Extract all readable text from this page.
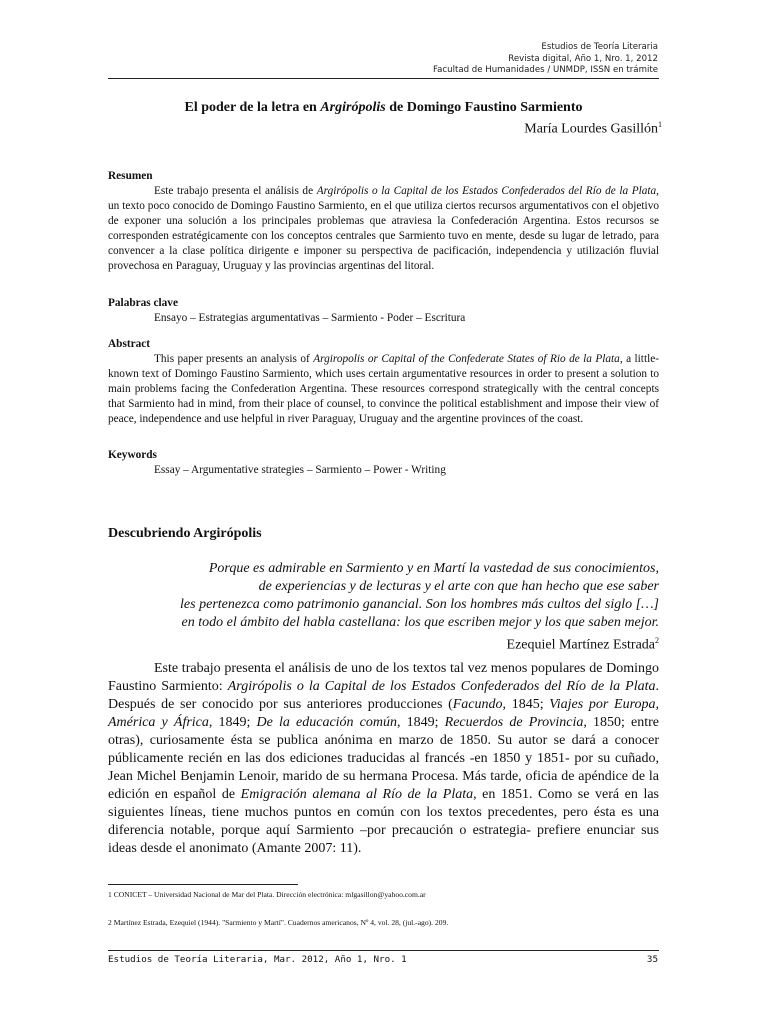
Estudios de Teoría Literaria
Revista digital, Año 1, Nro. 1, 2012
Facultad de Humanidades / UNMDP, ISSN en trámite
El poder de la letra en Argirópolis de Domingo Faustino Sarmiento
María Lourdes Gasillón$^1$
Resumen
Este trabajo presenta el análisis de Argirópolis o la Capital de los Estados Confederados del Río de la Plata, un texto poco conocido de Domingo Faustino Sarmiento, en el que utiliza ciertos recursos argumentativos con el objetivo de exponer una solución a los principales problemas que atraviesa la Confederación Argentina. Estos recursos se corresponden estratégicamente con los conceptos centrales que Sarmiento tuvo en mente, desde su lugar de letrado, para convencer a la clase política dirigente e imponer su perspectiva de pacificación, independencia y utilización fluvial provechosa en Paraguay, Uruguay y las provincias argentinas del litoral.
Palabras clave
Ensayo – Estrategias argumentativas – Sarmiento - Poder – Escritura
Abstract
This paper presents an analysis of Argiropolis or Capital of the Confederate States of Rio de la Plata, a little-known text of Domingo Faustino Sarmiento, which uses certain argumentative resources in order to present a solution to main problems facing the Confederation Argentina. These resources correspond strategically with the central concepts that Sarmiento had in mind, from their place of counsel, to convince the political establishment and impose their view of peace, independence and use helpful in river Paraguay, Uruguay and the argentine provinces of the coast.
Keywords
Essay – Argumentative strategies – Sarmiento – Power - Writing
Descubriendo Argirópolis
Porque es admirable en Sarmiento y en Martí la vastedad de sus conocimientos,
de experiencias y de lecturas y el arte con que han hecho que ese saber
les pertenezca como patrimonio ganancial. Son los hombres más cultos del siglo […]
en todo el ámbito del habla castellana: los que escriben mejor y los que saben mejor.
Ezequiel Martínez Estrada$^2$

Este trabajo presenta el análisis de uno de los textos tal vez menos populares de Domingo Faustino Sarmiento: Argirópolis o la Capital de los Estados Confederados del Río de la Plata. Después de ser conocido por sus anteriores producciones (Facundo, 1845; Viajes por Europa, América y África, 1849; De la educación común, 1849; Recuerdos de Provincia, 1850; entre otras), curiosamente ésta se publica anónima en marzo de 1850. Su autor se dará a conocer públicamente recién en las dos ediciones traducidas al francés -en 1850 y 1851- por su cuñado, Jean Michel Benjamin Lenoir, marido de su hermana Procesa. Más tarde, oficia de apéndice de la edición en español de Emigración alemana al Río de la Plata, en 1851. Como se verá en las siguientes líneas, tiene muchos puntos en común con los textos precedentes, pero ésta es una diferencia notable, porque aquí Sarmiento –por precaución o estrategia- prefiere enunciar sus ideas desde el anonimato (Amante 2007: 11).

1 CONICET – Universidad Nacional de Mar del Plata. Dirección electrónica: mlgasillon@yahoo.com.ar
2 Martínez Estrada, Ezequiel (1944). "Sarmiento y Martí". Cuadernos americanos, Nº 4, vol. 28, (jul.-ago). 209.
Estudios de Teoría Literaria, Mar. 2012, Año 1, Nro. 1	35
